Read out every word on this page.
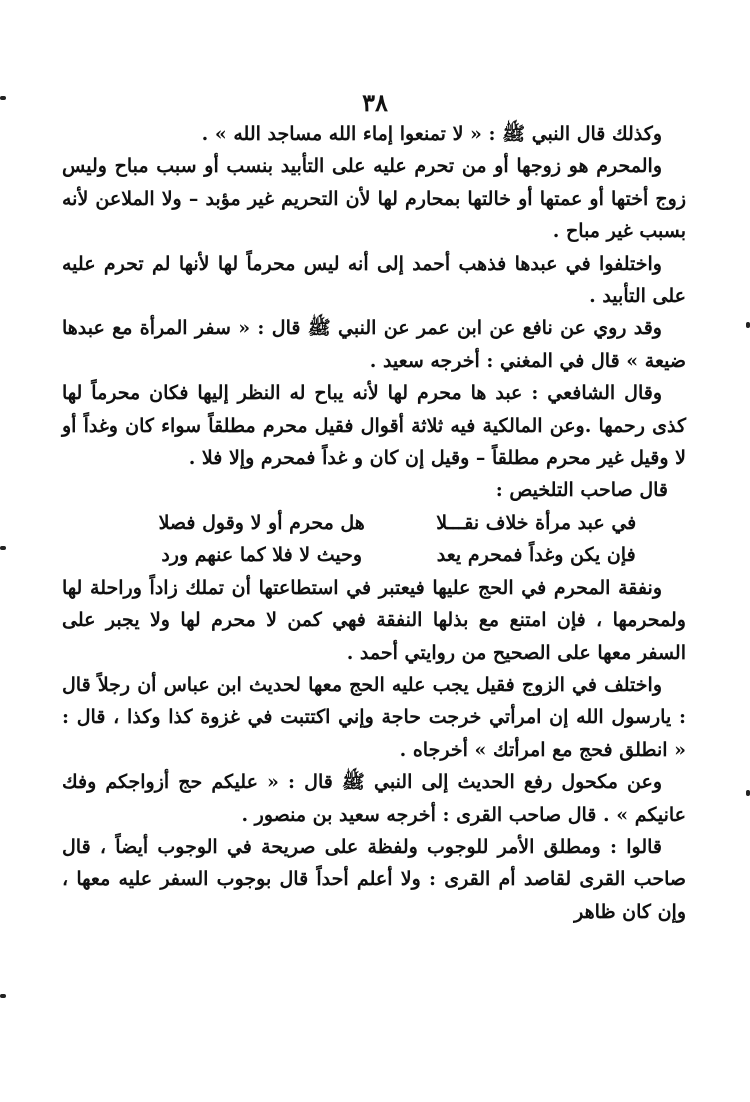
٣٨

وكذلك قال النبي ﷺ : « لا تمنعوا إماء الله مساجد الله » .

والمحرم هو زوجها أو من تحرم عليه على التأبيد بنسب أو سبب مباح وليس زوج أختها أو عمتها أو خالتها بمحارم لها لأن التحريم غير مؤبد – ولا الملاعن لأنه بسبب غير مباح .

واختلفوا في عبدها فذهب أحمد إلى أنه ليس محرماً لها لأنها لم تحرم عليه على التأبيد .

وقد روي عن نافع عن ابن عمر عن النبي ﷺ قال : « سفر المرأة مع عبدها ضيعة » قال في المغني : أخرجه سعيد .

وقال الشافعي : عبد ها محرم لها لأنه يباح له النظر إليها فكان محرماً لها كذى رحمها .وعن المالكية فيه ثلاثة أقوال فقيل محرم مطلقاً سواء كان وغداً أو لا وقيل غير محرم مطلقاً – وقيل إن كان و غداً فمحرم وإلا فلا .

قال صاحب التلخيص :

في عبد مرأة خلاف نقـــلا
هل محرم أو لا وقول فصلا
فإن يكن وغداً فمحرم يعد
وحيث لا فلا كما عنهم ورد

ونفقة المحرم في الحج عليها فيعتبر في استطاعتها أن تملك زاداً وراحلة لها ولمحرمها ، فإن امتنع مع بذلها النفقة فهي كمن لا محرم لها ولا يجبر على السفر معها على الصحيح من روايتي أحمد .

واختلف في الزوج فقيل يجب عليه الحج معها لحديث ابن عباس أن رجلاً قال : يارسول الله إن امرأتي خرجت حاجة وإني اكتتبت في غزوة كذا وكذا ، قال : « انطلق فحج مع امرأتك » أخرجاه .

وعن مكحول رفع الحديث إلى النبي ﷺ قال : « عليكم حج أزواجكم وفك عانيكم » . قال صاحب القرى : أخرجه سعيد بن منصور .

قالوا : ومطلق الأمر للوجوب ولفظة على صريحة في الوجوب أيضاً ، قال صاحب القرى لقاصد أم القرى : ولا أعلم أحداً قال بوجوب السفر عليه معها ، وإن كان ظاهر
